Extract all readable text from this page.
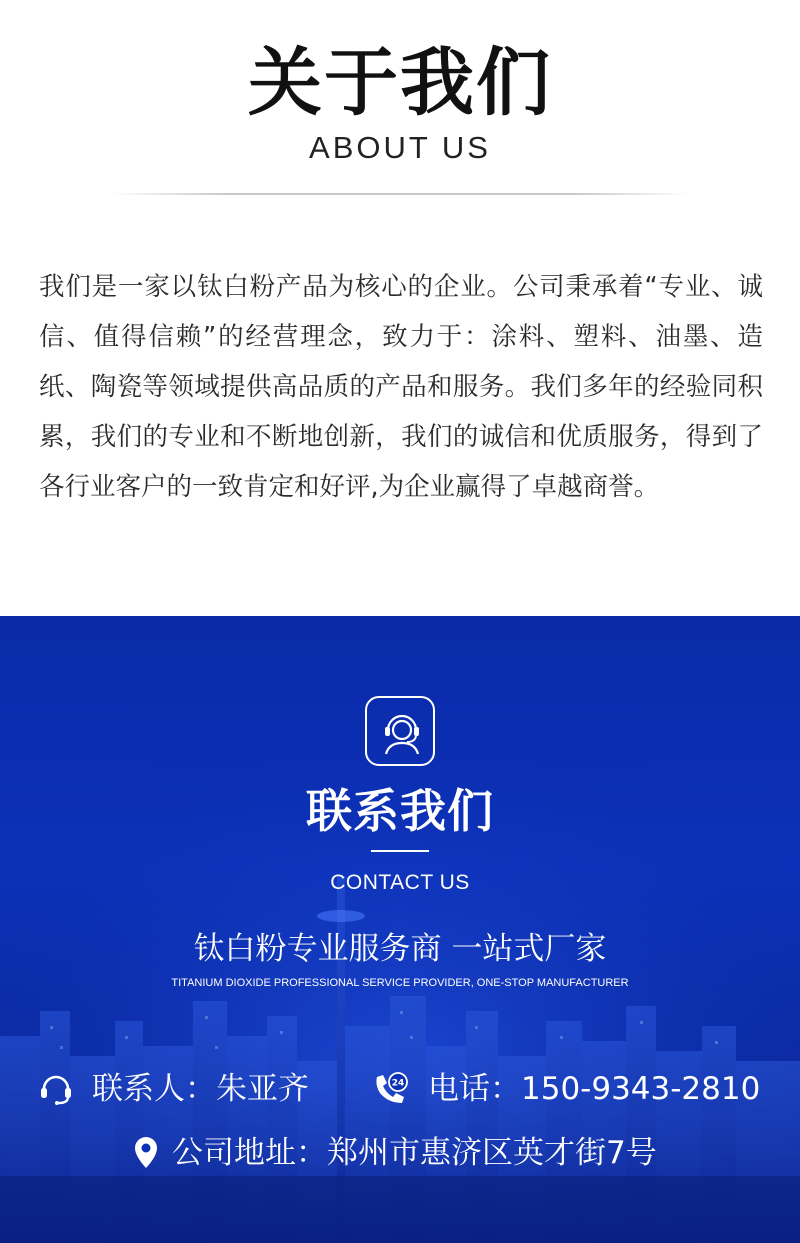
关于我们
ABOUT US

我们是一家以钛白粉产品为核心的企业。公司秉承着“专业、诚信、值得信赖”的经营理念，致力于：涂料、塑料、油墨、造纸、陶瓷等领域提供高品质的产品和服务。我们多年的经验同积累，我们的专业和不断地创新，我们的诚信和优质服务，得到了各行业客户的一致肯定和好评,为企业赢得了卓越商誉。

联系我们
CONTACT US
钛白粉专业服务商 一站式厂家
TITANIUM DIOXIDE PROFESSIONAL SERVICE PROVIDER, ONE-STOP MANUFACTURER
联系人：朱亚齐	24 电话：150-9343-2810
公司地址：郑州市惠济区英才街7号
